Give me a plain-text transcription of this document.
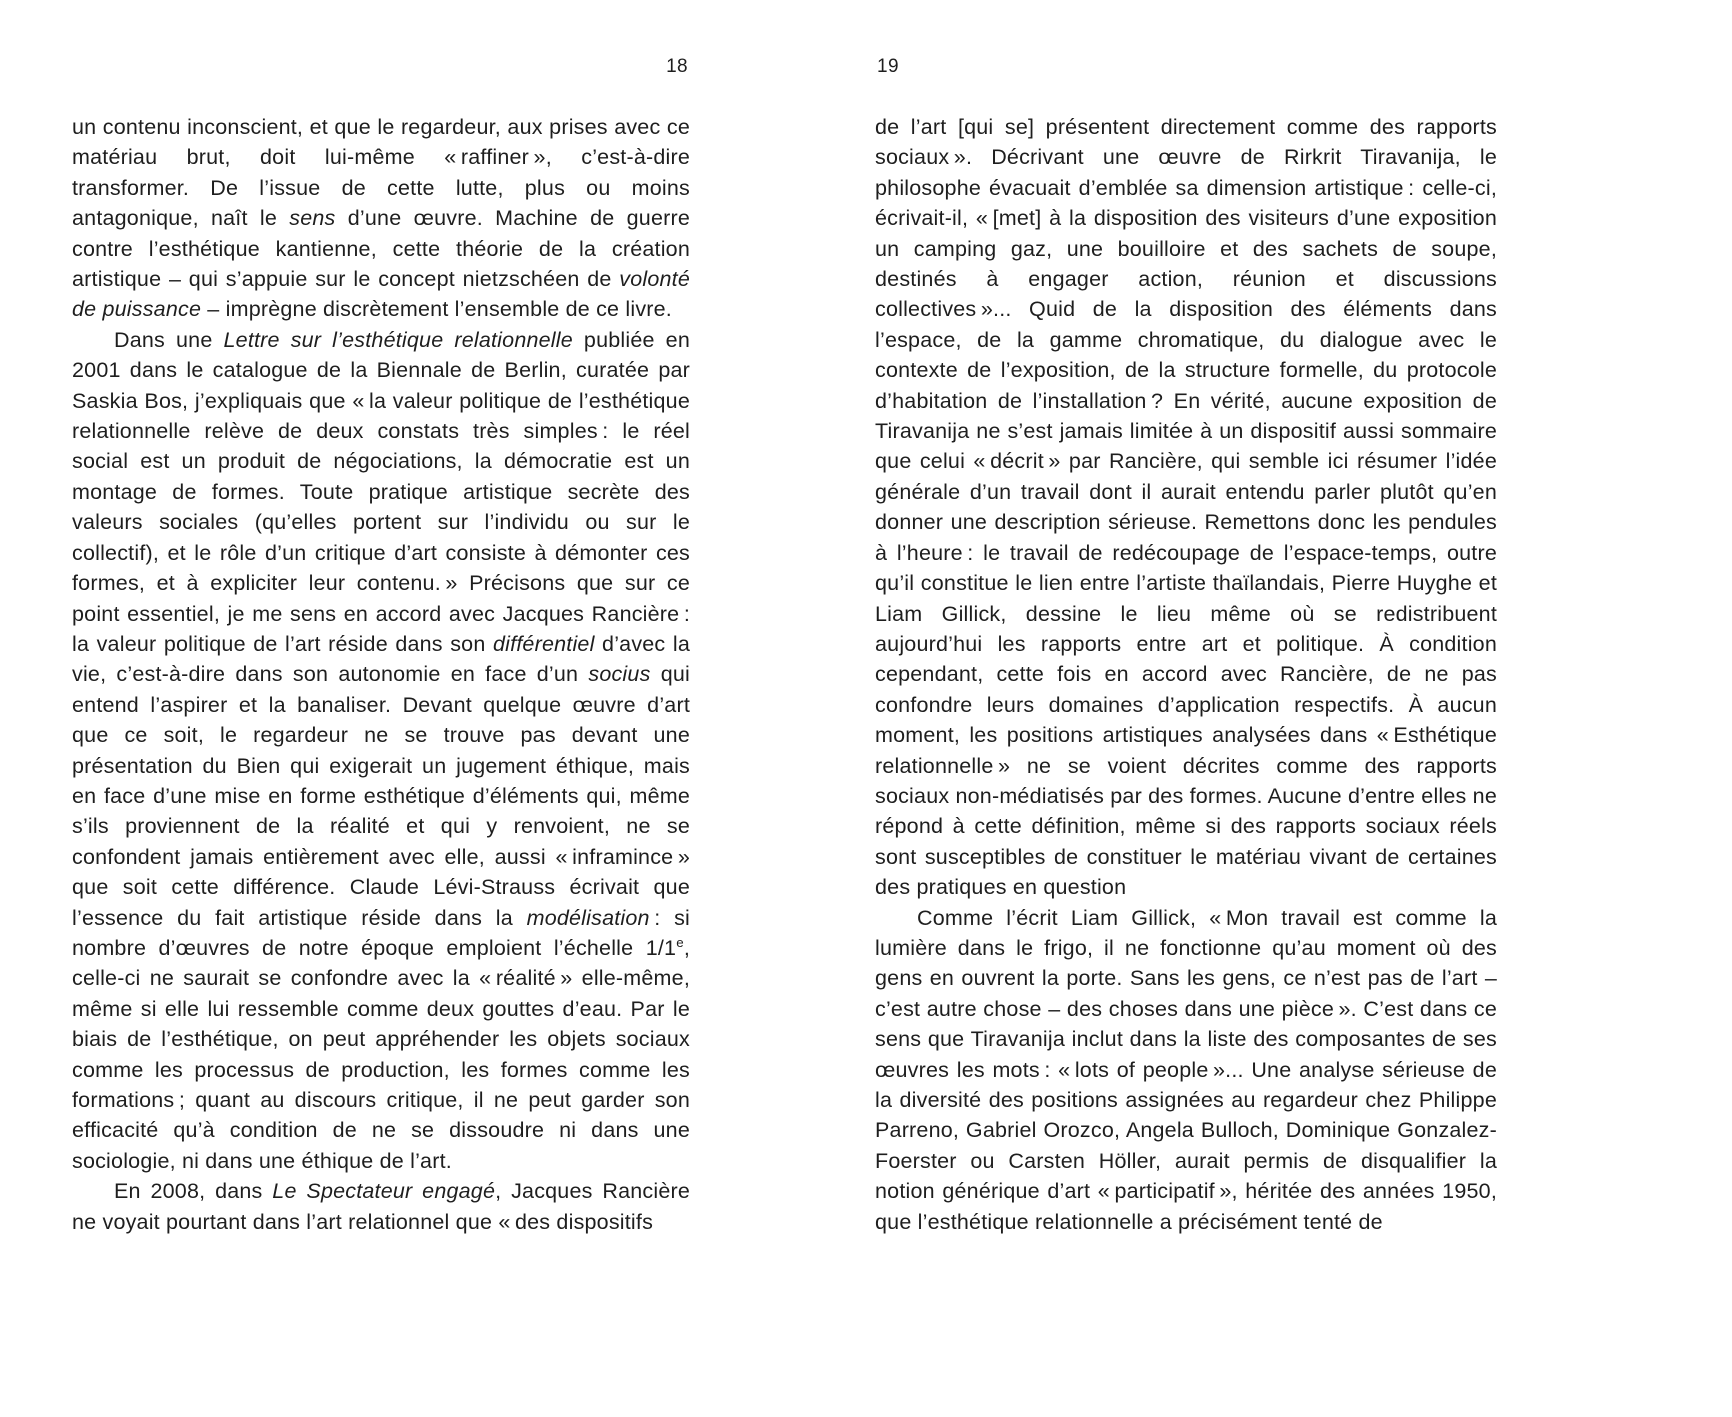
18

un contenu inconscient, et que le regardeur, aux prises avec ce matériau brut, doit lui-même « raffiner », c’est-à-dire transformer. De l’issue de cette lutte, plus ou moins antagonique, naît le sens d’une œuvre. Machine de guerre contre l’esthétique kantienne, cette théorie de la création artistique – qui s’appuie sur le concept nietzschéen de volonté de puissance – imprègne discrètement l’ensemble de ce livre.

Dans une Lettre sur l’esthétique relationnelle publiée en 2001 dans le catalogue de la Biennale de Berlin, curatée par Saskia Bos, j’expliquais que « la valeur politique de l’esthétique relationnelle relève de deux constats très simples : le réel social est un produit de négociations, la démocratie est un montage de formes. Toute pratique artistique secrète des valeurs sociales (qu’elles portent sur l’individu ou sur le collectif), et le rôle d’un critique d’art consiste à démonter ces formes, et à expliciter leur contenu. » Précisons que sur ce point essentiel, je me sens en accord avec Jacques Rancière : la valeur politique de l’art réside dans son différentiel d’avec la vie, c’est-à-dire dans son autonomie en face d’un socius qui entend l’aspirer et la banaliser. Devant quelque œuvre d’art que ce soit, le regardeur ne se trouve pas devant une présentation du Bien qui exigerait un jugement éthique, mais en face d’une mise en forme esthétique d’éléments qui, même s’ils proviennent de la réalité et qui y renvoient, ne se confondent jamais entièrement avec elle, aussi « inframince » que soit cette différence. Claude Lévi-Strauss écrivait que l’essence du fait artistique réside dans la modélisation : si nombre d’œuvres de notre époque emploient l’échelle 1/1e, celle-ci ne saurait se confondre avec la « réalité » elle-même, même si elle lui ressemble comme deux gouttes d’eau. Par le biais de l’esthétique, on peut appréhender les objets sociaux comme les processus de production, les formes comme les formations ; quant au discours critique, il ne peut garder son efficacité qu’à condition de ne se dissoudre ni dans une sociologie, ni dans une éthique de l’art.

En 2008, dans Le Spectateur engagé, Jacques Rancière ne voyait pourtant dans l’art relationnel que « des dispositifs

19

de l’art [qui se] présentent directement comme des rapports sociaux ». Décrivant une œuvre de Rirkrit Tiravanija, le philosophe évacuait d’emblée sa dimension artistique : celle-ci, écrivait-il, « [met] à la disposition des visiteurs d’une exposition un camping gaz, une bouilloire et des sachets de soupe, destinés à engager action, réunion et discussions collectives »... Quid de la disposition des éléments dans l’espace, de la gamme chromatique, du dialogue avec le contexte de l’exposition, de la structure formelle, du protocole d’habitation de l’installation ? En vérité, aucune exposition de Tiravanija ne s’est jamais limitée à un dispositif aussi sommaire que celui « décrit » par Rancière, qui semble ici résumer l’idée générale d’un travail dont il aurait entendu parler plutôt qu’en donner une description sérieuse. Remettons donc les pendules à l’heure : le travail de redécoupage de l’espace-temps, outre qu’il constitue le lien entre l’artiste thaïlandais, Pierre Huyghe et Liam Gillick, dessine le lieu même où se redistribuent aujourd’hui les rapports entre art et politique. À condition cependant, cette fois en accord avec Rancière, de ne pas confondre leurs domaines d’application respectifs. À aucun moment, les positions artistiques analysées dans « Esthétique relationnelle » ne se voient décrites comme des rapports sociaux non-médiatisés par des formes. Aucune d’entre elles ne répond à cette définition, même si des rapports sociaux réels sont susceptibles de constituer le matériau vivant de certaines des pratiques en question

Comme l’écrit Liam Gillick, « Mon travail est comme la lumière dans le frigo, il ne fonctionne qu’au moment où des gens en ouvrent la porte. Sans les gens, ce n’est pas de l’art – c’est autre chose – des choses dans une pièce ». C’est dans ce sens que Tiravanija inclut dans la liste des composantes de ses œuvres les mots : « lots of people »... Une analyse sérieuse de la diversité des positions assignées au regardeur chez Philippe Parreno, Gabriel Orozco, Angela Bulloch, Dominique Gonzalez-Foerster ou Carsten Höller, aurait permis de disqualifier la notion générique d’art « participatif », héritée des années 1950, que l’esthétique relationnelle a précisément tenté de
